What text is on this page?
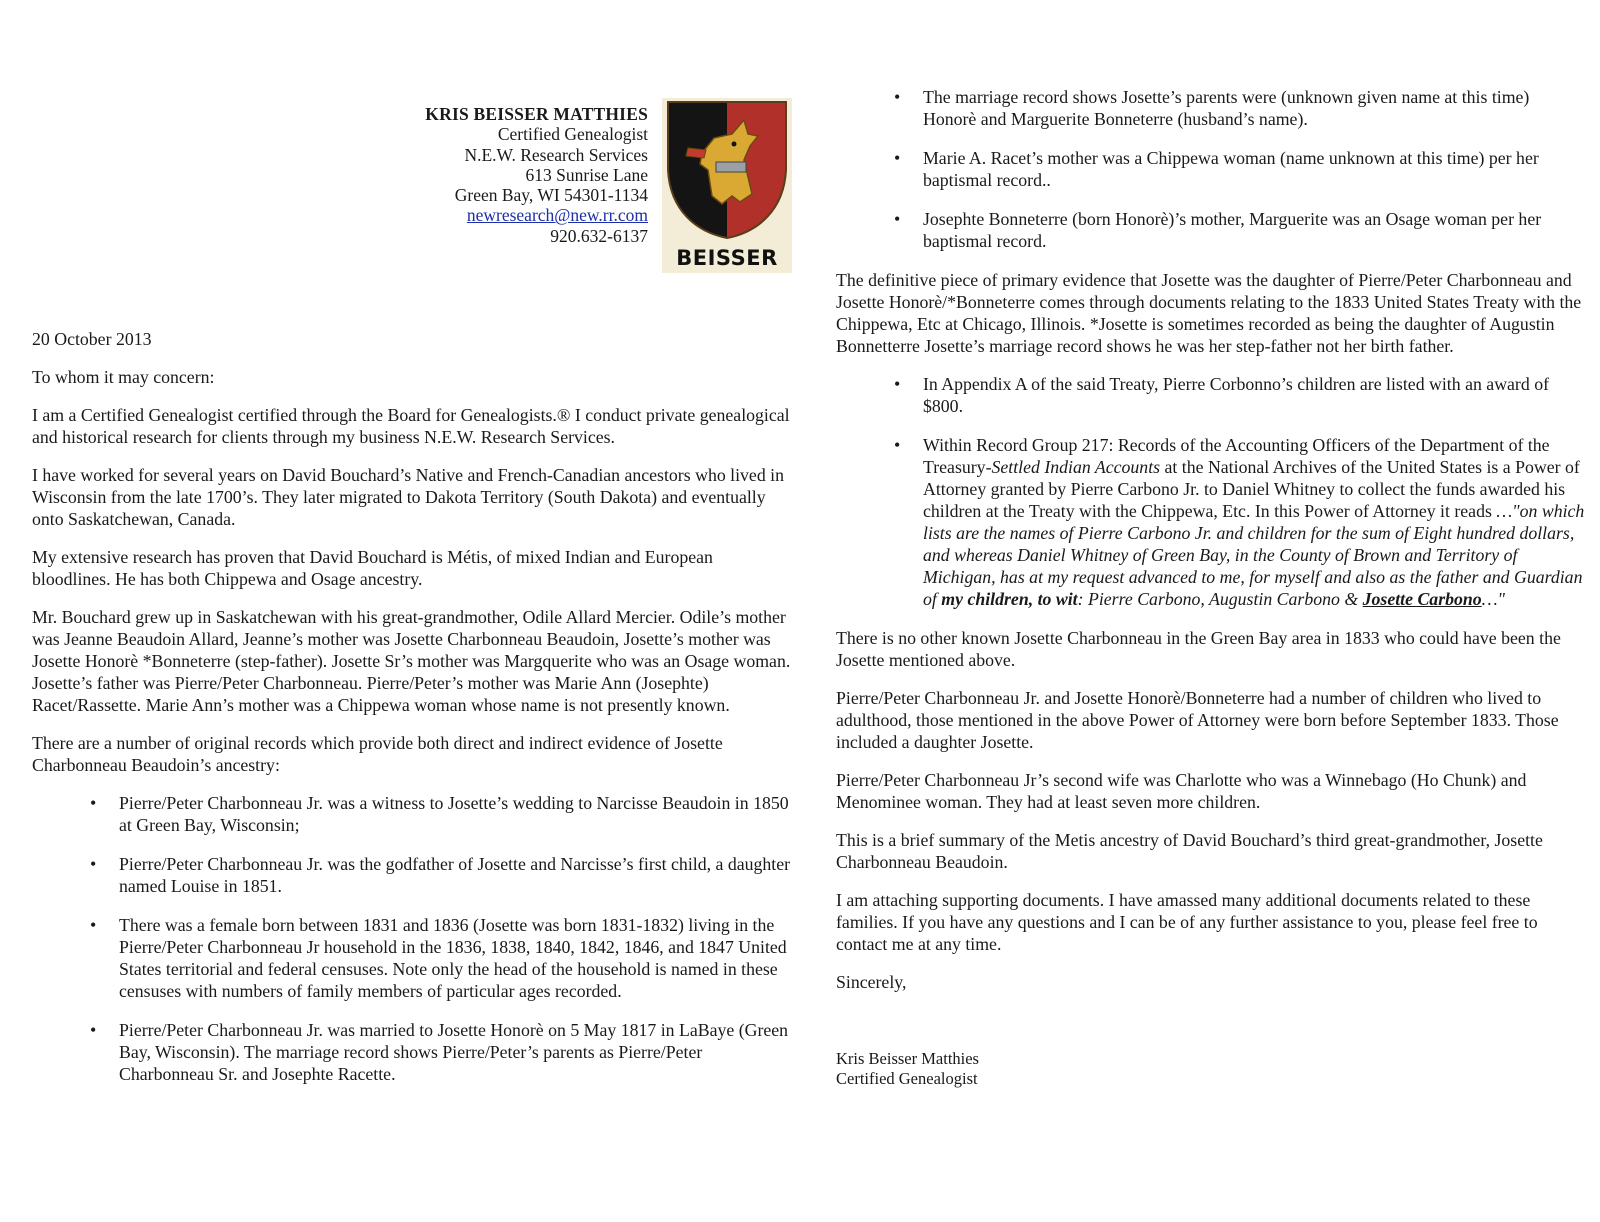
KRIS BEISSER MATTHIES
Certified Genealogist
N.E.W. Research Services
613 Sunrise Lane
Green Bay, WI 54301-1134
newresearch@new.rr.com
920.632-6137
BEISSER

20 October 2013

To whom it may concern:

I am a Certified Genealogist certified through the Board for Genealogists.® I conduct private genealogical and historical research for clients through my business N.E.W. Research Services.

I have worked for several years on David Bouchard’s Native and French-Canadian ancestors who lived in Wisconsin from the late 1700’s. They later migrated to Dakota Territory (South Dakota) and eventually onto Saskatchewan, Canada.

My extensive research has proven that David Bouchard is Métis, of mixed Indian and European bloodlines. He has both Chippewa and Osage ancestry.

Mr. Bouchard grew up in Saskatchewan with his great-grandmother, Odile Allard Mercier. Odile’s mother was Jeanne Beaudoin Allard, Jeanne’s mother was Josette Charbonneau Beaudoin, Josette’s mother was Josette Honorè *Bonneterre (step-father). Josette Sr’s mother was Margquerite who was an Osage woman. Josette’s father was Pierre/Peter Charbonneau. Pierre/Peter’s mother was Marie Ann (Josephte) Racet/Rassette. Marie Ann’s mother was a Chippewa woman whose name is not presently known.

There are a number of original records which provide both direct and indirect evidence of Josette Charbonneau Beaudoin’s ancestry:

• Pierre/Peter Charbonneau Jr. was a witness to Josette’s wedding to Narcisse Beaudoin in 1850 at Green Bay, Wisconsin;
• Pierre/Peter Charbonneau Jr. was the godfather of Josette and Narcisse’s first child, a daughter named Louise in 1851.
• There was a female born between 1831 and 1836 (Josette was born 1831-1832) living in the Pierre/Peter Charbonneau Jr household in the 1836, 1838, 1840, 1842, 1846, and 1847 United States territorial and federal censuses. Note only the head of the household is named in these censuses with numbers of family members of particular ages recorded.
• Pierre/Peter Charbonneau Jr. was married to Josette Honorè on 5 May 1817 in LaBaye (Green Bay, Wisconsin). The marriage record shows Pierre/Peter’s parents as Pierre/Peter Charbonneau Sr. and Josephte Racette.
• The marriage record shows Josette’s parents were (unknown given name at this time) Honorè and Marguerite Bonneterre (husband’s name).
• Marie A. Racet’s mother was a Chippewa woman (name unknown at this time) per her baptismal record..
• Josephte Bonneterre (born Honorè)’s mother, Marguerite was an Osage woman per her baptismal record.

The definitive piece of primary evidence that Josette was the daughter of Pierre/Peter Charbonneau and Josette Honorè/*Bonneterre comes through documents relating to the 1833 United States Treaty with the Chippewa, Etc at Chicago, Illinois. *Josette is sometimes recorded as being the daughter of Augustin Bonnetterre Josette’s marriage record shows he was her step-father not her birth father.

• In Appendix A of the said Treaty, Pierre Corbonno’s children are listed with an award of $800.
• Within Record Group 217: Records of the Accounting Officers of the Department of the Treasury-Settled Indian Accounts at the National Archives of the United States is a Power of Attorney granted by Pierre Carbono Jr. to Daniel Whitney to collect the funds awarded his children at the Treaty with the Chippewa, Etc. In this Power of Attorney it reads …"on which lists are the names of Pierre Carbono Jr. and children for the sum of Eight hundred dollars, and whereas Daniel Whitney of Green Bay, in the County of Brown and Territory of Michigan, has at my request advanced to me, for myself and also as the father and Guardian of my children, to wit: Pierre Carbono, Augustin Carbono & Josette Carbono…"

There is no other known Josette Charbonneau in the Green Bay area in 1833 who could have been the Josette mentioned above.

Pierre/Peter Charbonneau Jr. and Josette Honorè/Bonneterre had a number of children who lived to adulthood, those mentioned in the above Power of Attorney were born before September 1833. Those included a daughter Josette.

Pierre/Peter Charbonneau Jr’s second wife was Charlotte who was a Winnebago (Ho Chunk) and Menominee woman. They had at least seven more children.

This is a brief summary of the Metis ancestry of David Bouchard’s third great-grandmother, Josette Charbonneau Beaudoin.

I am attaching supporting documents. I have amassed many additional documents related to these families. If you have any questions and I can be of any further assistance to you, please feel free to contact me at any time.

Sincerely,

Kris Beisser Matthies
Certified Genealogist
